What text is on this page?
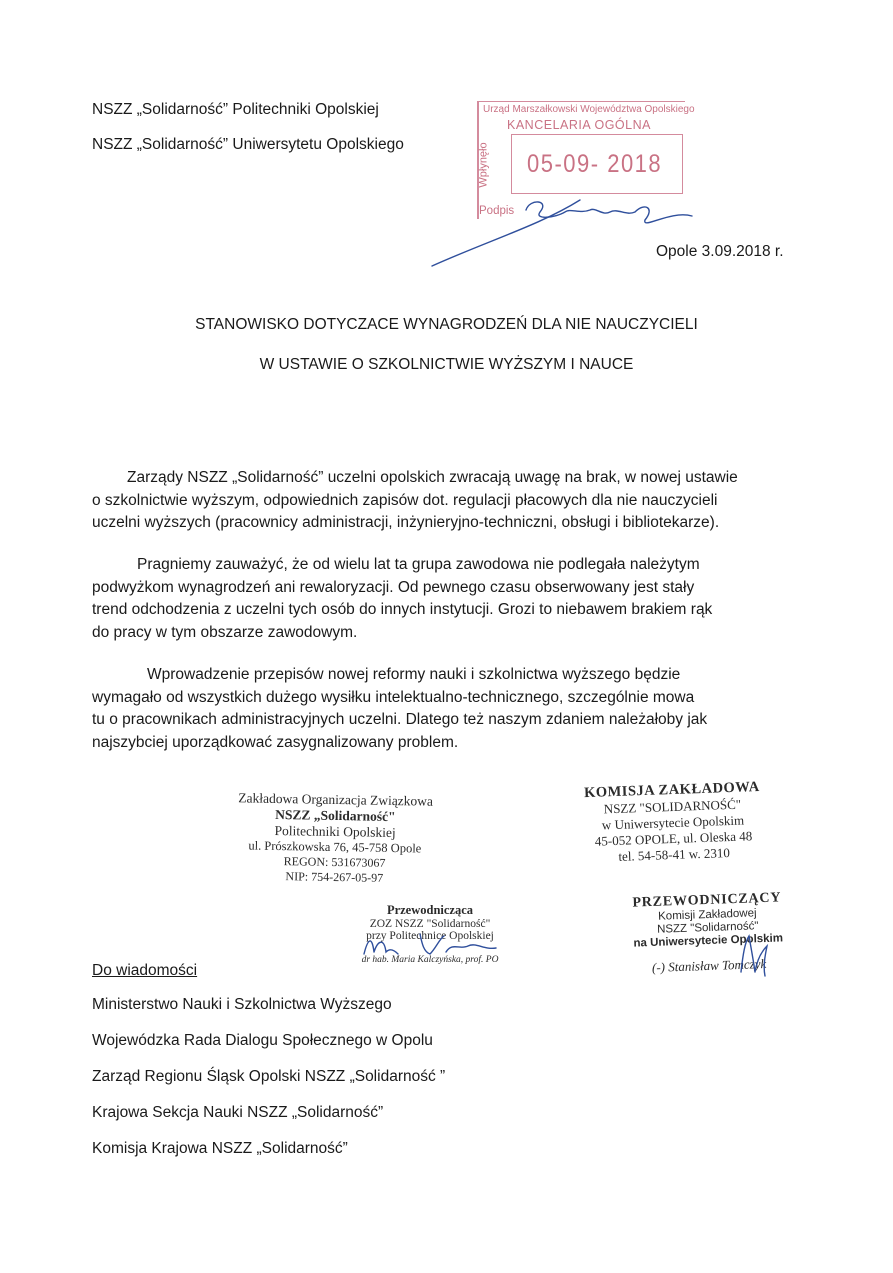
NSZZ „Solidarność” Politechniki Opolskiej
NSZZ „Solidarność” Uniwersytetu Opolskiego
Urząd Marszałkowski Województwa Opolskiego
KANCELARIA OGÓLNA
Wpłynęło 05-09- 2018
Podpis
Opole 3.09.2018 r.
STANOWISKO DOTYCZACE WYNAGRODZEŃ DLA NIE NAUCZYCIELI
W USTAWIE O SZKOLNICTWIE WYŻSZYM I NAUCE
Zarządy NSZZ „Solidarność” uczelni opolskich zwracają uwagę na brak, w nowej ustawie
o szkolnictwie wyższym, odpowiednich zapisów dot. regulacji płacowych dla nie nauczycieli
uczelni wyższych (pracownicy administracji, inżynieryjno-techniczni, obsługi i bibliotekarze).
Pragniemy zauważyć, że od wielu lat ta grupa zawodowa nie podlegała należytym
podwyżkom wynagrodzeń ani rewaloryzacji. Od pewnego czasu obserwowany jest stały
trend odchodzenia z uczelni tych osób do innych instytucji. Grozi to niebawem brakiem rąk
do pracy w tym obszarze zawodowym.
Wprowadzenie przepisów nowej reformy nauki i szkolnictwa wyższego będzie
wymagało od wszystkich dużego wysiłku intelektualno-technicznego, szczególnie mowa
tu o pracownikach administracyjnych uczelni. Dlatego też naszym zdaniem należałoby jak
najszybciej uporządkować zasygnalizowany problem.
Zakładowa Organizacja Związkowa
NSZZ „Solidarność"
Politechniki Opolskiej
ul. Prószkowska 76, 45-758 Opole
REGON: 531673067
NIP: 754-267-05-97
Przewodnicząca
ZOZ NSZZ "Solidarność"
przy Politechnice Opolskiej
dr hab. Maria Kalczyńska, prof. PO
KOMISJA ZAKŁADOWA
NSZZ "SOLIDARNOŚĆ"
w Uniwersytecie Opolskim
45-052 OPOLE, ul. Oleska 48
tel. 54-58-41 w. 2310
PRZEWODNICZĄCY
Komisji Zakładowej
NSZZ "Solidarność"
na Uniwersytecie Opolskim
(-) Stanisław Tomczyk
Do wiadomości
Ministerstwo Nauki i Szkolnictwa Wyższego
Wojewódzka Rada Dialogu Społecznego w Opolu
Zarząd Regionu Śląsk Opolski NSZZ „Solidarność ”
Krajowa Sekcja Nauki NSZZ „Solidarność”
Komisja Krajowa NSZZ „Solidarność”
